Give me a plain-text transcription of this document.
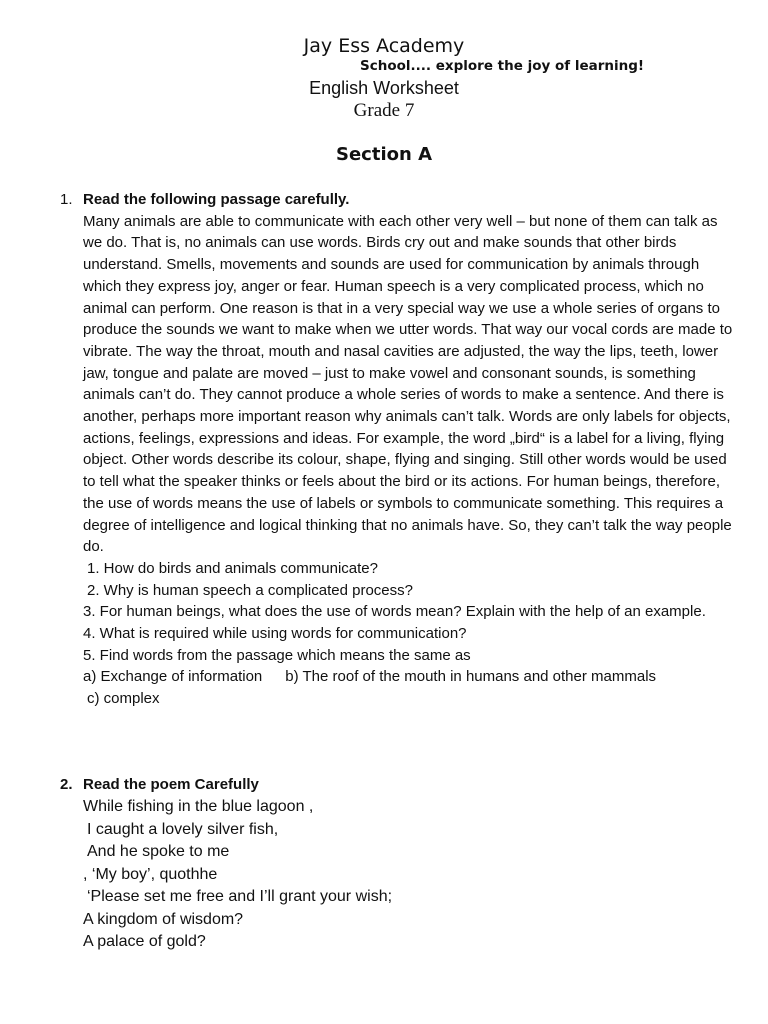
Jay Ess Academy
School.... explore the joy of learning!
English Worksheet
Grade 7
Section A
1. Read the following passage carefully.
Many animals are able to communicate with each other very well – but none of them can talk as we do. That is, no animals can use words. Birds cry out and make sounds that other birds understand. Smells, movements and sounds are used for communication by animals through which they express joy, anger or fear. Human speech is a very complicated process, which no animal can perform. One reason is that in a very special way we use a whole series of organs to produce the sounds we want to make when we utter words. That way our vocal cords are made to vibrate. The way the throat, mouth and nasal cavities are adjusted, the way the lips, teeth, lower jaw, tongue and palate are moved – just to make vowel and consonant sounds, is something animals can’t do. They cannot produce a whole series of words to make a sentence. And there is another, perhaps more important reason why animals can’t talk. Words are only labels for objects, actions, feelings, expressions and ideas. For example, the word „bird“ is a label for a living, flying object. Other words describe its colour, shape, flying and singing. Still other words would be used to tell what the speaker thinks or feels about the bird or its actions. For human beings, therefore, the use of words means the use of labels or symbols to communicate something. This requires a degree of intelligence and logical thinking that no animals have. So, they can’t talk the way people do.
1. How do birds and animals communicate?
2. Why is human speech a complicated process?
3. For human beings, what does the use of words mean? Explain with the help of an example.
4. What is required while using words for communication?
5. Find words from the passage which means the same as
a) Exchange of information b) The roof of the mouth in humans and other mammals
c) complex
2. Read the poem Carefully
While fishing in the blue lagoon ,
I caught a lovely silver fish,
And he spoke to me
, ‘My boy’, quothhe
‘Please set me free and I’ll grant your wish;
A kingdom of wisdom?
A palace of gold?
